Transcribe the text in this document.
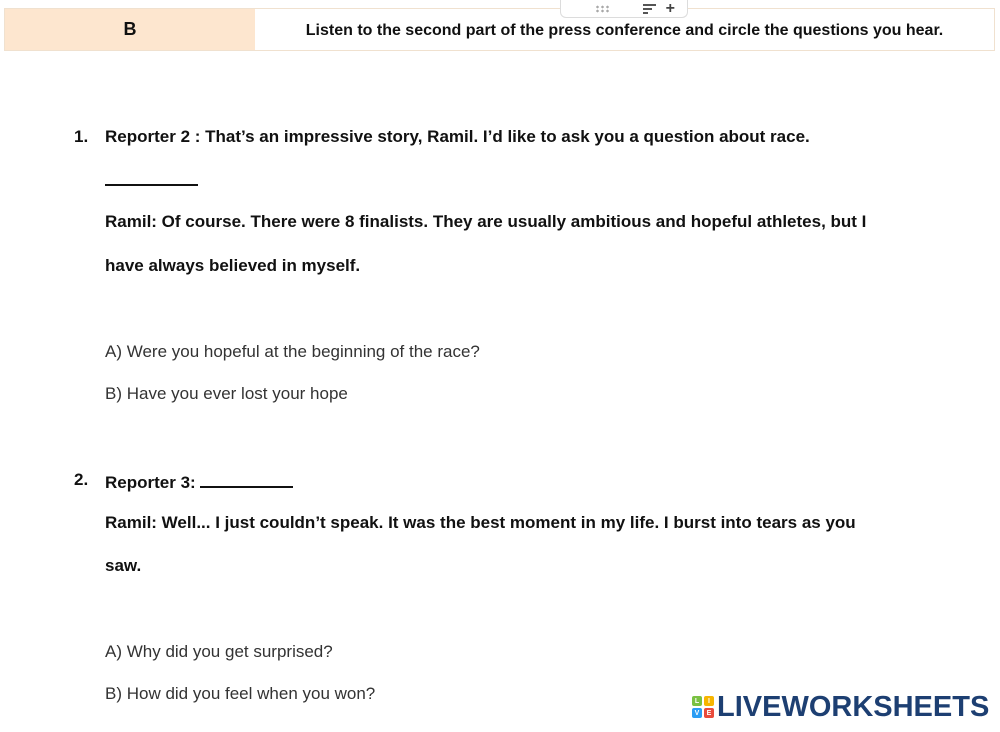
B	Listen to the second part of the press conference and circle the questions you hear.
+
1. Reporter 2 : That’s an impressive story, Ramil. I’d like to ask you a question about race.
Ramil: Of course. There were 8 finalists. They are usually ambitious and hopeful athletes, but I
have always believed in myself.
A) Were you hopeful at the beginning of the race?
B) Have you ever lost your hope
2. Reporter 3:
Ramil: Well... I just couldn’t speak. It was the best moment in my life. I burst into tears as you
saw.
A) Why did you get surprised?
B) How did you feel when you won?	L	I
V	E LIVEWORKSHEETS
